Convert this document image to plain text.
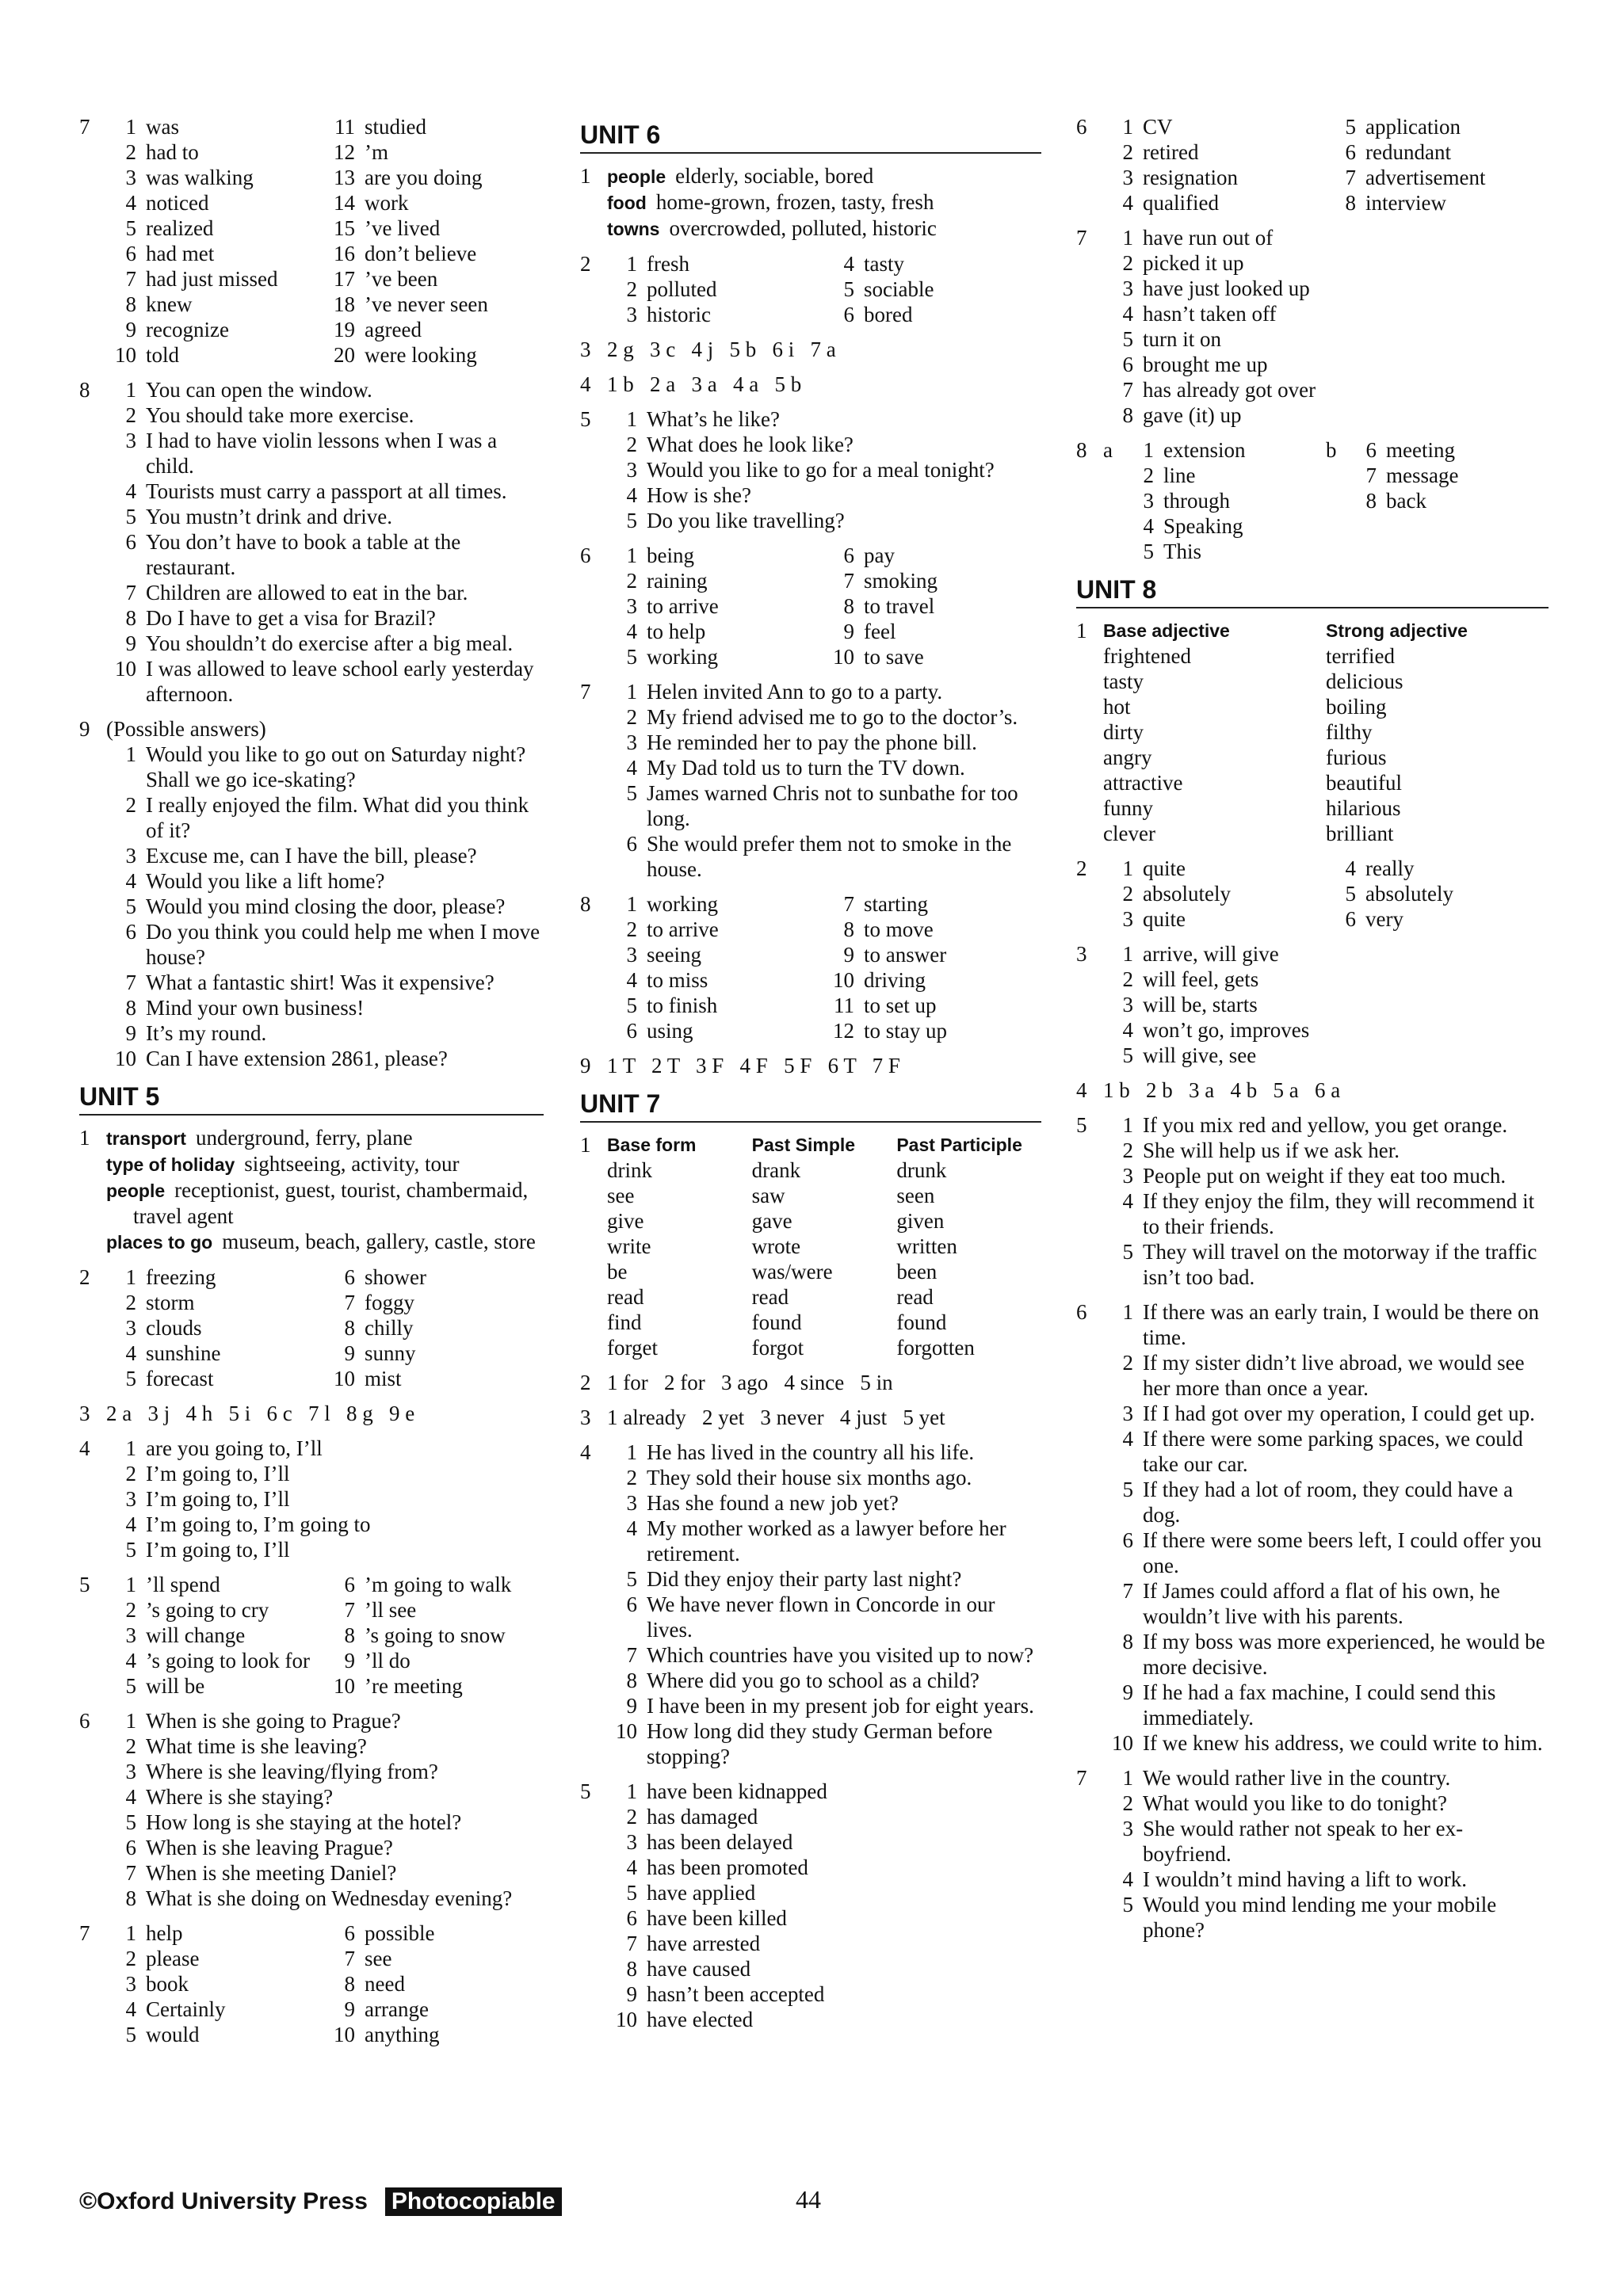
7	1 was	11 studied
2 had to	12 ’m
3 was walking	13 are you doing
4 noticed	14 work
5 realized	15 ’ve lived
6 had met	16 don’t believe
7 had just missed	17 ’ve been
8 knew	18 ’ve never seen
9 recognize	19 agreed
10 told	20 were looking
8	1 You can open the window.
2 You should take more exercise.
3 I had to have violin lessons when I was a child.
4 Tourists must carry a passport at all times.
5 You mustn’t drink and drive.
6 You don’t have to book a table at the restaurant.
7 Children are allowed to eat in the bar.
8 Do I have to get a visa for Brazil?
9 You shouldn’t do exercise after a big meal.
10 I was allowed to leave school early yesterday afternoon.
9 (Possible answers)
1 Would you like to go out on Saturday night? Shall we go ice-skating?
2 I really enjoyed the film. What did you think of it?
3 Excuse me, can I have the bill, please?
4 Would you like a lift home?
5 Would you mind closing the door, please?
6 Do you think you could help me when I move house?
7 What a fantastic shirt! Was it expensive?
8 Mind your own business!
9 It’s my round.
10 Can I have extension 2861, please?
UNIT 5
1 transport underground, ferry, plane
type of holiday sightseeing, activity, tour
people receptionist, guest, tourist, chambermaid, travel agent
places to go museum, beach, gallery, castle, store
2	1 freezing	6 shower
2 storm	7 foggy
3 clouds	8 chilly
4 sunshine	9 sunny
5 forecast	10 mist
3 2 a   3 j   4 h   5 i   6 c   7 l   8 g   9 e
4	1 are you going to, I’ll
2 I’m going to, I’ll
3 I’m going to, I’ll
4 I’m going to, I’m going to
5 I’m going to, I’ll
5	1 ’ll spend	6 ’m going to walk
2 ’s going to cry	7 ’ll see
3 will change	8 ’s going to snow
4 ’s going to look for	9 ’ll do
5 will be	10 ’re meeting
6	1 When is she going to Prague?
2 What time is she leaving?
3 Where is she leaving/flying from?
4 Where is she staying?
5 How long is she staying at the hotel?
6 When is she leaving Prague?
7 When is she meeting Daniel?
8 What is she doing on Wednesday evening?
7	1 help	6 possible
2 please	7 see
3 book	8 need
4 Certainly	9 arrange
5 would	10 anything
UNIT 6
1 people elderly, sociable, bored
food home-grown, frozen, tasty, fresh
towns overcrowded, polluted, historic
2	1 fresh	4 tasty
2 polluted	5 sociable
3 historic	6 bored
3 2 g   3 c   4 j   5 b   6 i   7 a
4 1 b   2 a   3 a   4 a   5 b
5	1 What’s he like?
2 What does he look like?
3 Would you like to go for a meal tonight?
4 How is she?
5 Do you like travelling?
6	1 being	6 pay
2 raining	7 smoking
3 to arrive	8 to travel
4 to help	9 feel
5 working	10 to save
7	1 Helen invited Ann to go to a party.
2 My friend advised me to go to the doctor’s.
3 He reminded her to pay the phone bill.
4 My Dad told us to turn the TV down.
5 James warned Chris not to sunbathe for too long.
6 She would prefer them not to smoke in the house.
8	1 working	7 starting
2 to arrive	8 to move
3 seeing	9 to answer
4 to miss	10 driving
5 to finish	11 to set up
6 using	12 to stay up
9 1 T   2 T   3 F   4 F   5 F   6 T   7 F
UNIT 7
1 Base form	Past Simple	Past Participle
drink	drank	drunk
see	saw	seen
give	gave	given
write	wrote	written
be	was/were	been
read	read	read
find	found	found
forget	forgot	forgotten
2 1 for   2 for   3 ago   4 since   5 in
3 1 already   2 yet   3 never   4 just   5 yet
4	1 He has lived in the country all his life.
2 They sold their house six months ago.
3 Has she found a new job yet?
4 My mother worked as a lawyer before her retirement.
5 Did they enjoy their party last night?
6 We have never flown in Concorde in our lives.
7 Which countries have you visited up to now?
8 Where did you go to school as a child?
9 I have been in my present job for eight years.
10 How long did they study German before stopping?
5	1 have been kidnapped
2 has damaged
3 has been delayed
4 has been promoted
5 have applied
6 have been killed
7 have arrested
8 have caused
9 hasn’t been accepted
10 have elected
6	1 CV	5 application
2 retired	6 redundant
3 resignation	7 advertisement
4 qualified	8 interview
7	1 have run out of
2 picked it up
3 have just looked up
4 hasn’t taken off
5 turn it on
6 brought me up
7 has already got over
8 gave (it) up
8 a	1 extension	b	6 meeting
2 line	7 message
3 through	8 back
4 Speaking
5 This
UNIT 8
1 Base adjective	Strong adjective
frightened	terrified
tasty	delicious
hot	boiling
dirty	filthy
angry	furious
attractive	beautiful
funny	hilarious
clever	brilliant
2	1 quite	4 really
2 absolutely	5 absolutely
3 quite	6 very
3	1 arrive, will give
2 will feel, gets
3 will be, starts
4 won’t go, improves
5 will give, see
4 1 b   2 b   3 a   4 b   5 a   6 a
5	1 If you mix red and yellow, you get orange.
2 She will help us if we ask her.
3 People put on weight if they eat too much.
4 If they enjoy the film, they will recommend it to their friends.
5 They will travel on the motorway if the traffic isn’t too bad.
6	1 If there was an early train, I would be there on time.
2 If my sister didn’t live abroad, we would see her more than once a year.
3 If I had got over my operation, I could get up.
4 If there were some parking spaces, we could take our car.
5 If they had a lot of room, they could have a dog.
6 If there were some beers left, I could offer you one.
7 If James could afford a flat of his own, he wouldn’t live with his parents.
8 If my boss was more experienced, he would be more decisive.
9 If he had a fax machine, I could send this immediately.
10 If we knew his address, we could write to him.
7	1 We would rather live in the country.
2 What would you like to do tonight?
3 She would rather not speak to her ex-boyfriend.
4 I wouldn’t mind having a lift to work.
5 Would you mind lending me your mobile phone?
©Oxford University Press Photocopiable	44
